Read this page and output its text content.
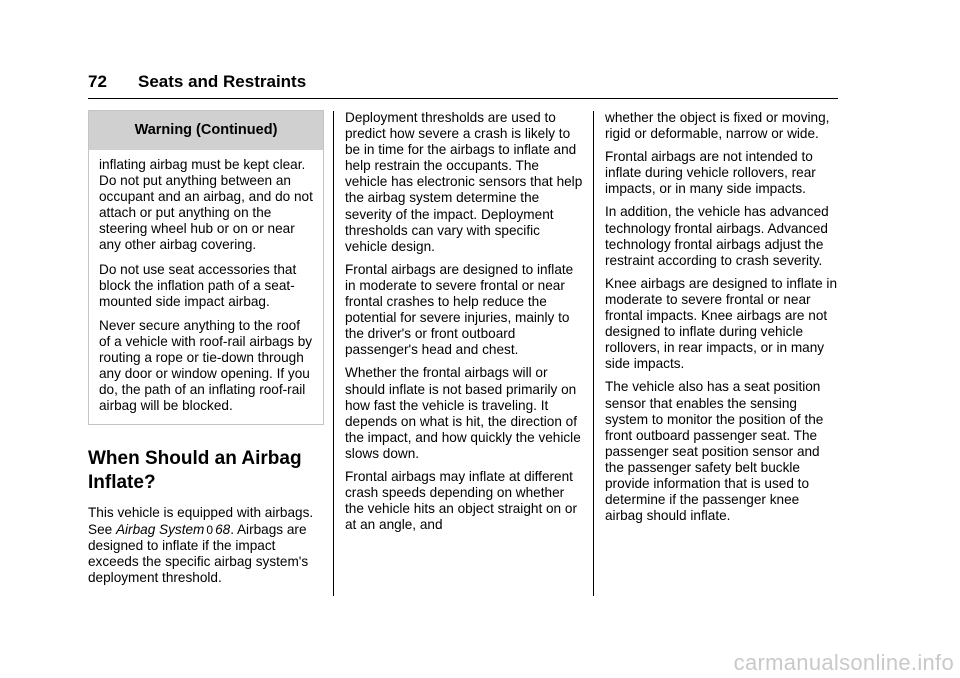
72 Seats and Restraints
Warning (Continued)

inflating airbag must be kept clear. Do not put anything between an occupant and an airbag, and do not attach or put anything on the steering wheel hub or on or near any other airbag covering.

Do not use seat accessories that block the inflation path of a seat-mounted side impact airbag.

Never secure anything to the roof of a vehicle with roof-rail airbags by routing a rope or tie-down through any door or window opening. If you do, the path of an inflating roof-rail airbag will be blocked.

When Should an Airbag Inflate?

This vehicle is equipped with airbags. See Airbag System 0 68. Airbags are designed to inflate if the impact exceeds the specific airbag system's deployment threshold.

Deployment thresholds are used to predict how severe a crash is likely to be in time for the airbags to inflate and help restrain the occupants. The vehicle has electronic sensors that help the airbag system determine the severity of the impact. Deployment thresholds can vary with specific vehicle design.

Frontal airbags are designed to inflate in moderate to severe frontal or near frontal crashes to help reduce the potential for severe injuries, mainly to the driver's or front outboard passenger's head and chest.

Whether the frontal airbags will or should inflate is not based primarily on how fast the vehicle is traveling. It depends on what is hit, the direction of the impact, and how quickly the vehicle slows down.

Frontal airbags may inflate at different crash speeds depending on whether the vehicle hits an object straight on or at an angle, and

whether the object is fixed or moving, rigid or deformable, narrow or wide.

Frontal airbags are not intended to inflate during vehicle rollovers, rear impacts, or in many side impacts.

In addition, the vehicle has advanced technology frontal airbags. Advanced technology frontal airbags adjust the restraint according to crash severity.

Knee airbags are designed to inflate in moderate to severe frontal or near frontal impacts. Knee airbags are not designed to inflate during vehicle rollovers, in rear impacts, or in many side impacts.

The vehicle also has a seat position sensor that enables the sensing system to monitor the position of the front outboard passenger seat. The passenger seat position sensor and the passenger safety belt buckle provide information that is used to determine if the passenger knee airbag should inflate.

carmanualsonline.info
